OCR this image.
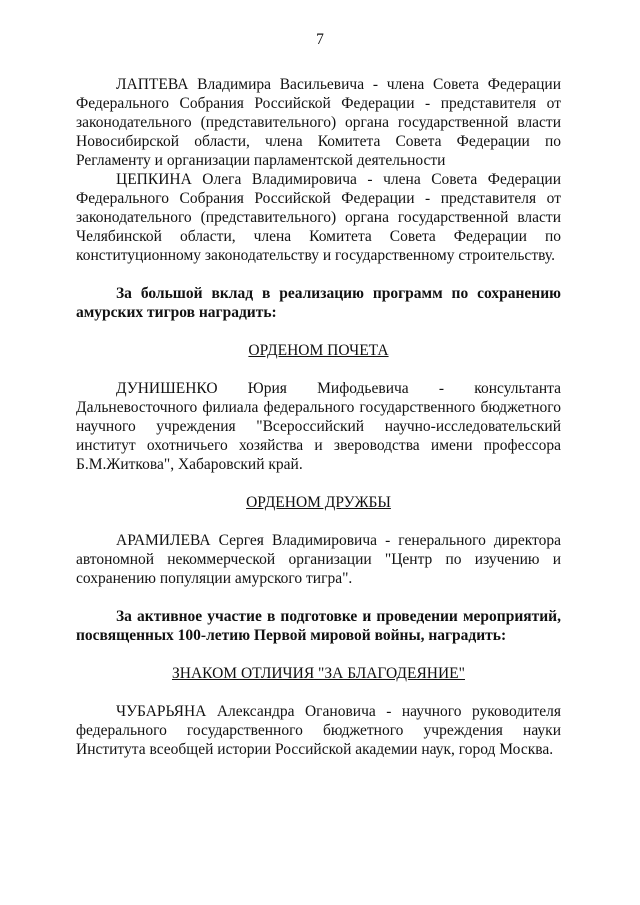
7

ЛАПТЕВА Владимира Васильевича - члена Совета Федерации Федерального Собрания Российской Федерации - представителя от законодательного (представительного) органа государственной власти Новосибирской области, члена Комитета Совета Федерации по Регламенту и организации парламентской деятельности

ЦЕПКИНА Олега Владимировича - члена Совета Федерации Федерального Собрания Российской Федерации - представителя от законодательного (представительного) органа государственной власти Челябинской области, члена Комитета Совета Федерации по конституционному законодательству и государственному строительству.

За большой вклад в реализацию программ по сохранению амурских тигров наградить:

ОРДЕНОМ ПОЧЕТА

ДУНИШЕНКО Юрия Мифодьевича - консультанта Дальневосточного филиала федерального государственного бюджетного научного учреждения "Всероссийский научно-исследовательский институт охотничьего хозяйства и звероводства имени профессора Б.М.Житкова", Хабаровский край.

ОРДЕНОМ ДРУЖБЫ

АРАМИЛЕВА Сергея Владимировича - генерального директора автономной некоммерческой организации "Центр по изучению и сохранению популяции амурского тигра".

За активное участие в подготовке и проведении мероприятий, посвященных 100-летию Первой мировой войны, наградить:

ЗНАКОМ ОТЛИЧИЯ "ЗА БЛАГОДЕЯНИЕ"

ЧУБАРЬЯНА Александра Огановича - научного руководителя федерального государственного бюджетного учреждения науки Института всеобщей истории Российской академии наук, город Москва.
